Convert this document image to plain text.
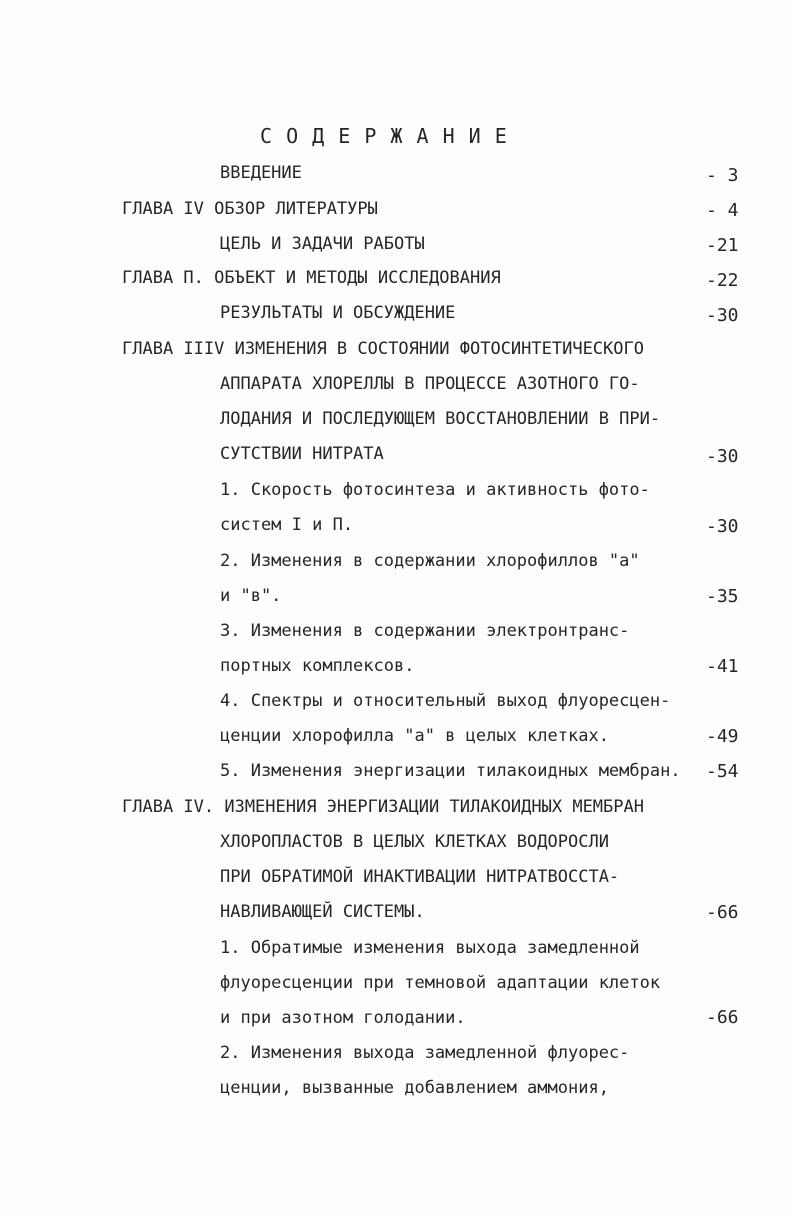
С О Д Е Р Ж А Н И Е
ВВЕДЕНИЕ
ГЛАВА IV ОБЗОР ЛИТЕРАТУРЫ
ЦЕЛЬ И ЗАДАЧИ РАБОТЫ
ГЛАВА П. ОБЪЕКТ И МЕТОДЫ ИССЛЕДОВАНИЯ
РЕЗУЛЬТАТЫ И ОБСУЖДЕНИЕ
ГЛАВА IIIV ИЗМЕНЕНИЯ В СОСТОЯНИИ ФОТОСИНТЕТИЧЕСКОГО
АППАРАТА ХЛОРЕЛЛЫ В ПРОЦЕССЕ АЗОТНОГО ГО-
ЛОДАНИЯ И ПОСЛЕДУЮЩЕМ ВОССТАНОВЛЕНИИ В ПРИ-
СУТСТВИИ НИТРАТА
1. Скорость фотосинтеза и активность фото-
систем I и П.
2. Изменения в содержании хлорофиллов "а"
и "в".
3. Изменения в содержании электронтранс-
портных комплексов.
4. Спектры и относительный выход флуоресцен-
ценции хлорофилла "а" в целых клетках.
5. Изменения энергизации тилакоидных мембран.
ГЛАВА IV. ИЗМЕНЕНИЯ ЭНЕРГИЗАЦИИ ТИЛАКОИДНЫХ МЕМБРАН
ХЛОРОПЛАСТОВ В ЦЕЛЫХ КЛЕТКАХ ВОДОРОСЛИ
ПРИ ОБРАТИМОЙ ИНАКТИВАЦИИ НИТРАТВОССТА-
НАВЛИВАЮЩЕЙ СИСТЕМЫ.
1. Обратимые изменения выхода замедленной
флуоресценции при темновой адаптации клеток
и при азотном голодании.
2. Изменения выхода замедленной флуорес-
ценции, вызванные добавлением аммония,
- 3
- 4
-21
-22
-30
-30
-30
-35
-41
-49
-54
-66
-66
